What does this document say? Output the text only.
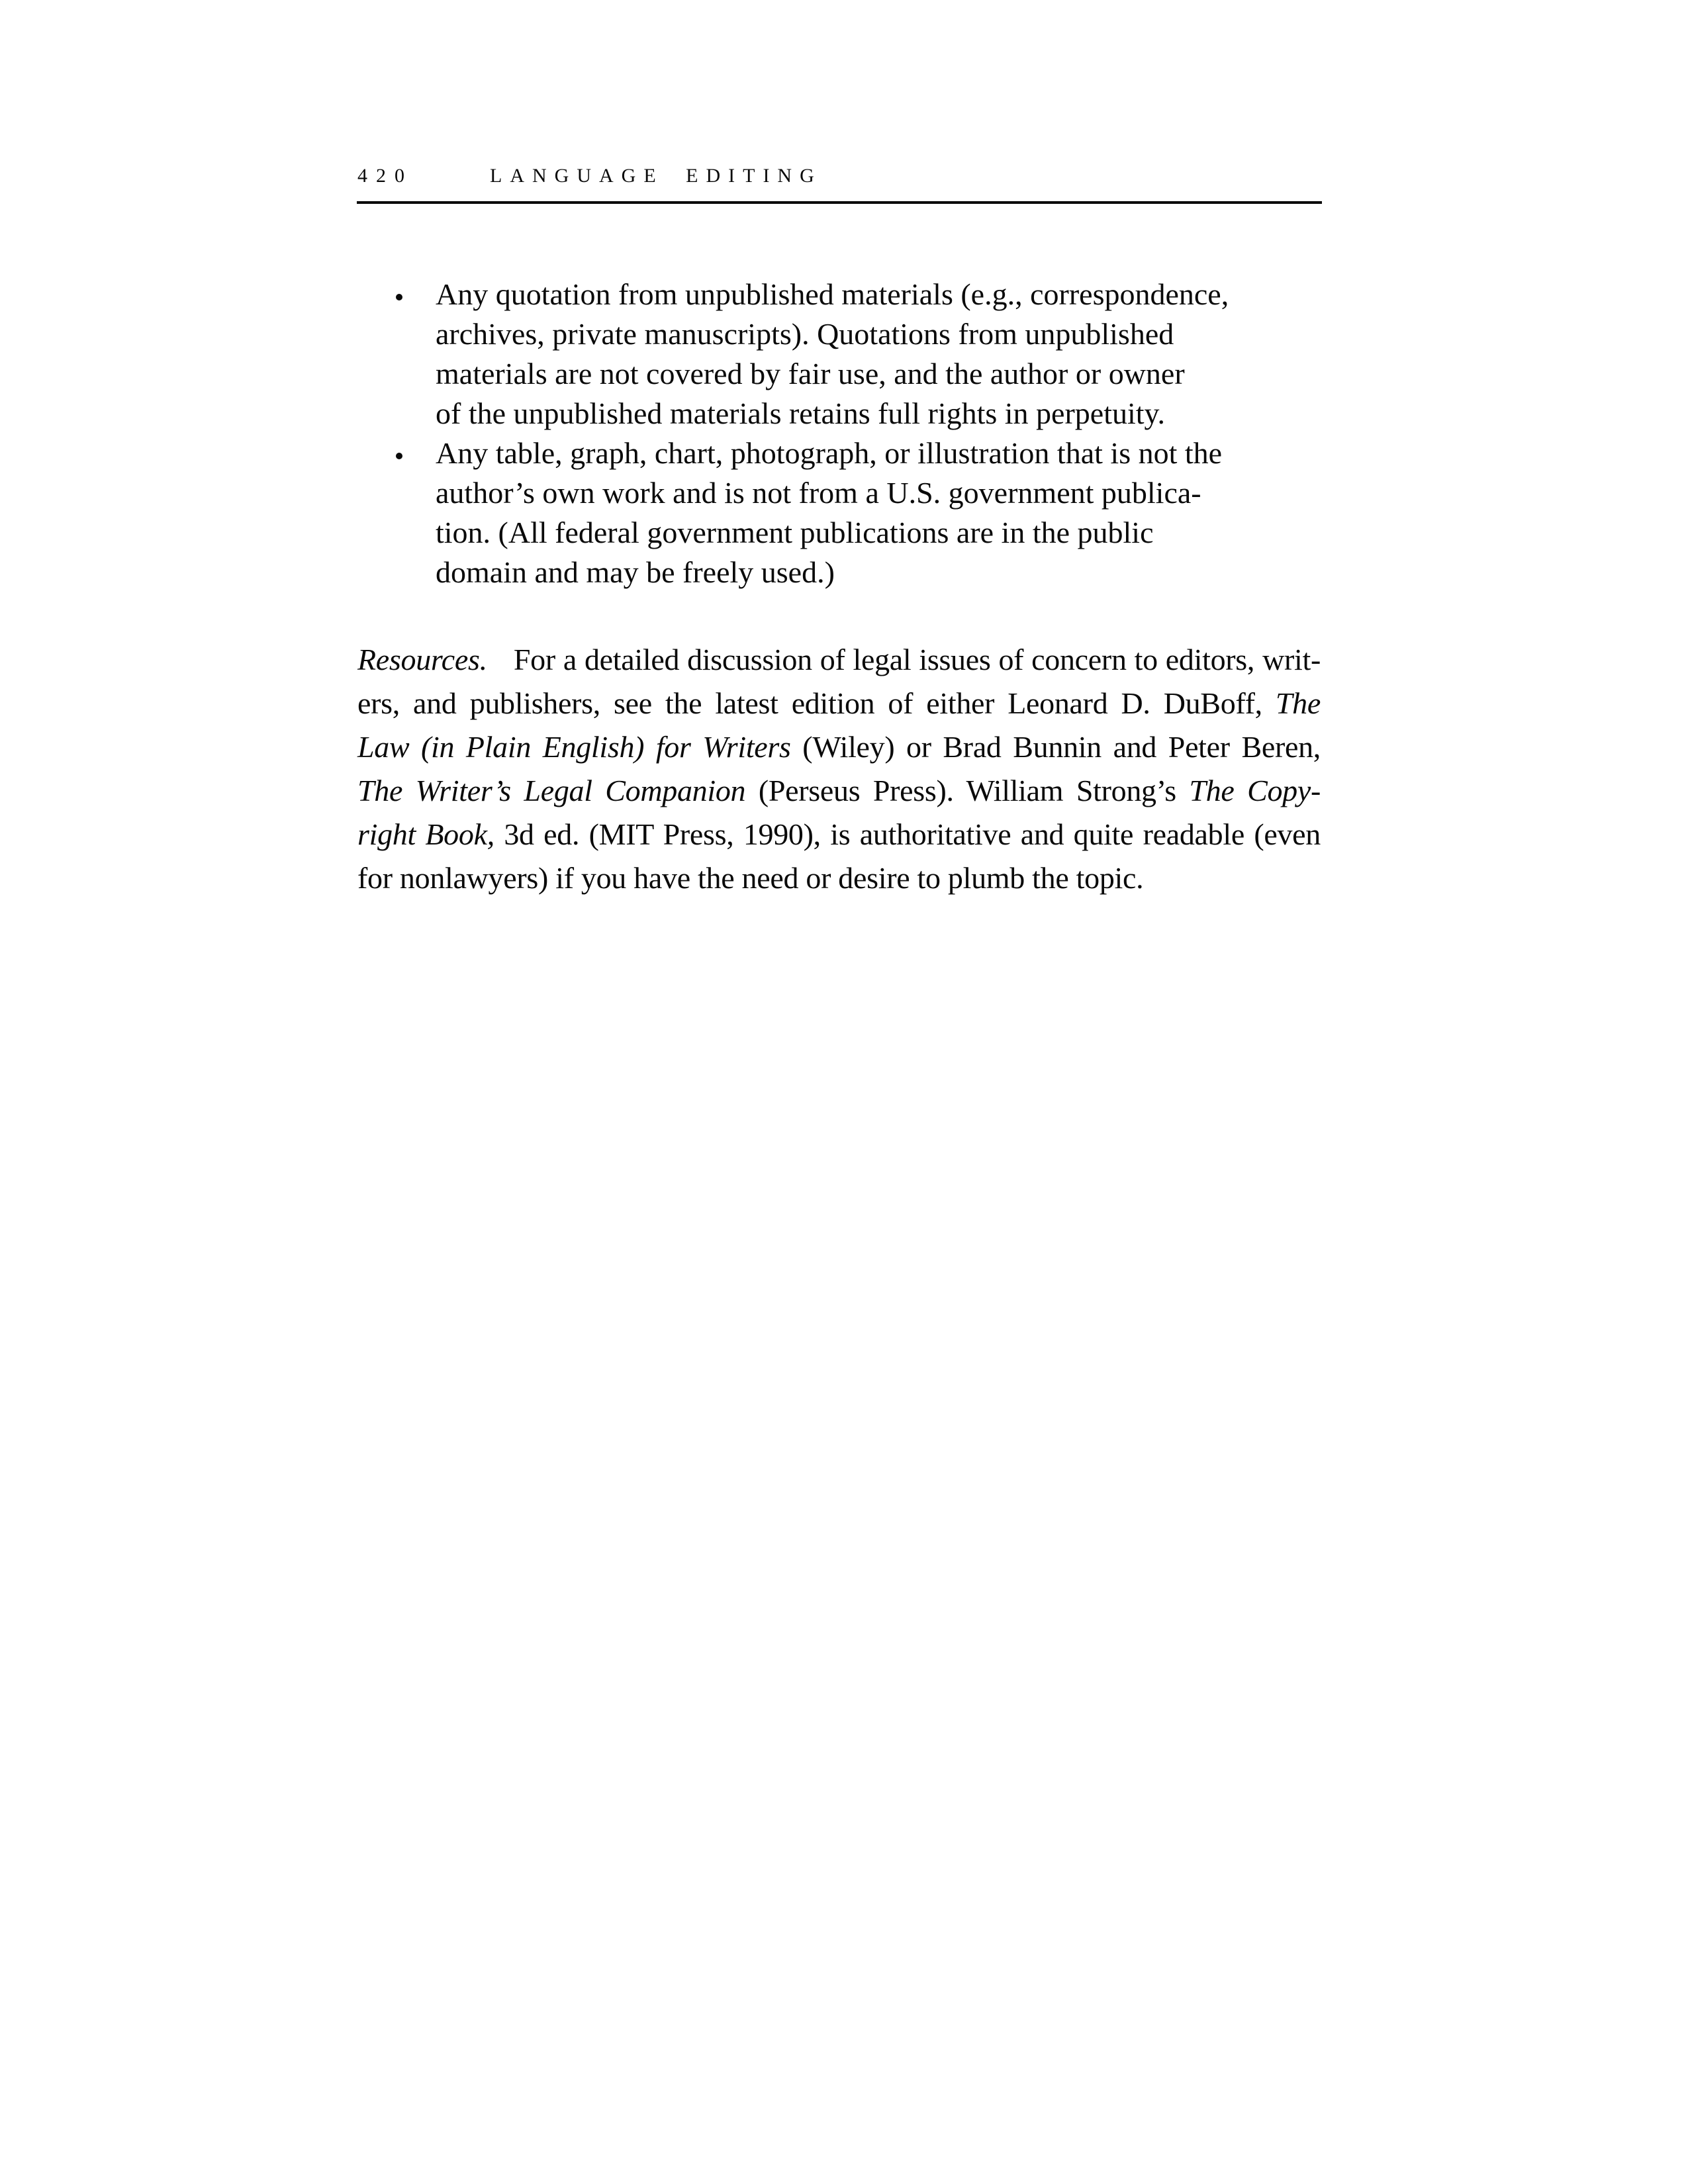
420	LANGUAGE EDITING
Any quotation from unpublished materials (e.g., correspondence,
archives, private manuscripts). Quotations from unpublished
materials are not covered by fair use, and the author or owner
of the unpublished materials retains full rights in perpetuity.
Any table, graph, chart, photograph, or illustration that is not the
author’s own work and is not from a U.S. government publica-
tion. (All federal government publications are in the public
domain and may be freely used.)
Resources. For a detailed discussion of legal issues of concern to editors, writ-
ers, and publishers, see the latest edition of either Leonard D. DuBoff, The
Law (in Plain English) for Writers (Wiley) or Brad Bunnin and Peter Beren,
The Writer’s Legal Companion (Perseus Press). William Strong’s The Copy-
right Book, 3d ed. (MIT Press, 1990), is authoritative and quite readable (even
for nonlawyers) if you have the need or desire to plumb the topic.
